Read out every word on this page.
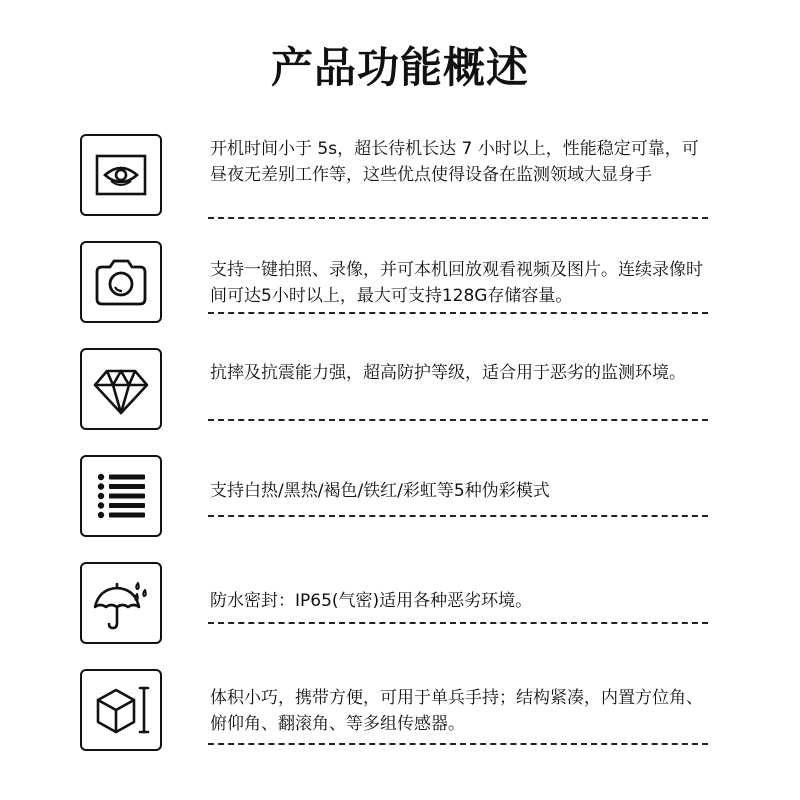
产品功能概述
开机时间小于 5s，超长待机长达 7 小时以上，性能稳定可靠，可昼夜无差别工作等，这些优点使得设备在监测领域大显身手
支持一键拍照、录像，并可本机回放观看视频及图片。连续录像时间可达5小时以上，最大可支持128G存储容量。
抗摔及抗震能力强，超高防护等级，适合用于恶劣的监测环境。
支持白热/黑热/褐色/铁红/彩虹等5种伪彩模式
防水密封：IP65(气密)适用各种恶劣环境。
体积小巧，携带方便，可用于单兵手持；结构紧凑，内置方位角、俯仰角、翻滚角、等多组传感器。
